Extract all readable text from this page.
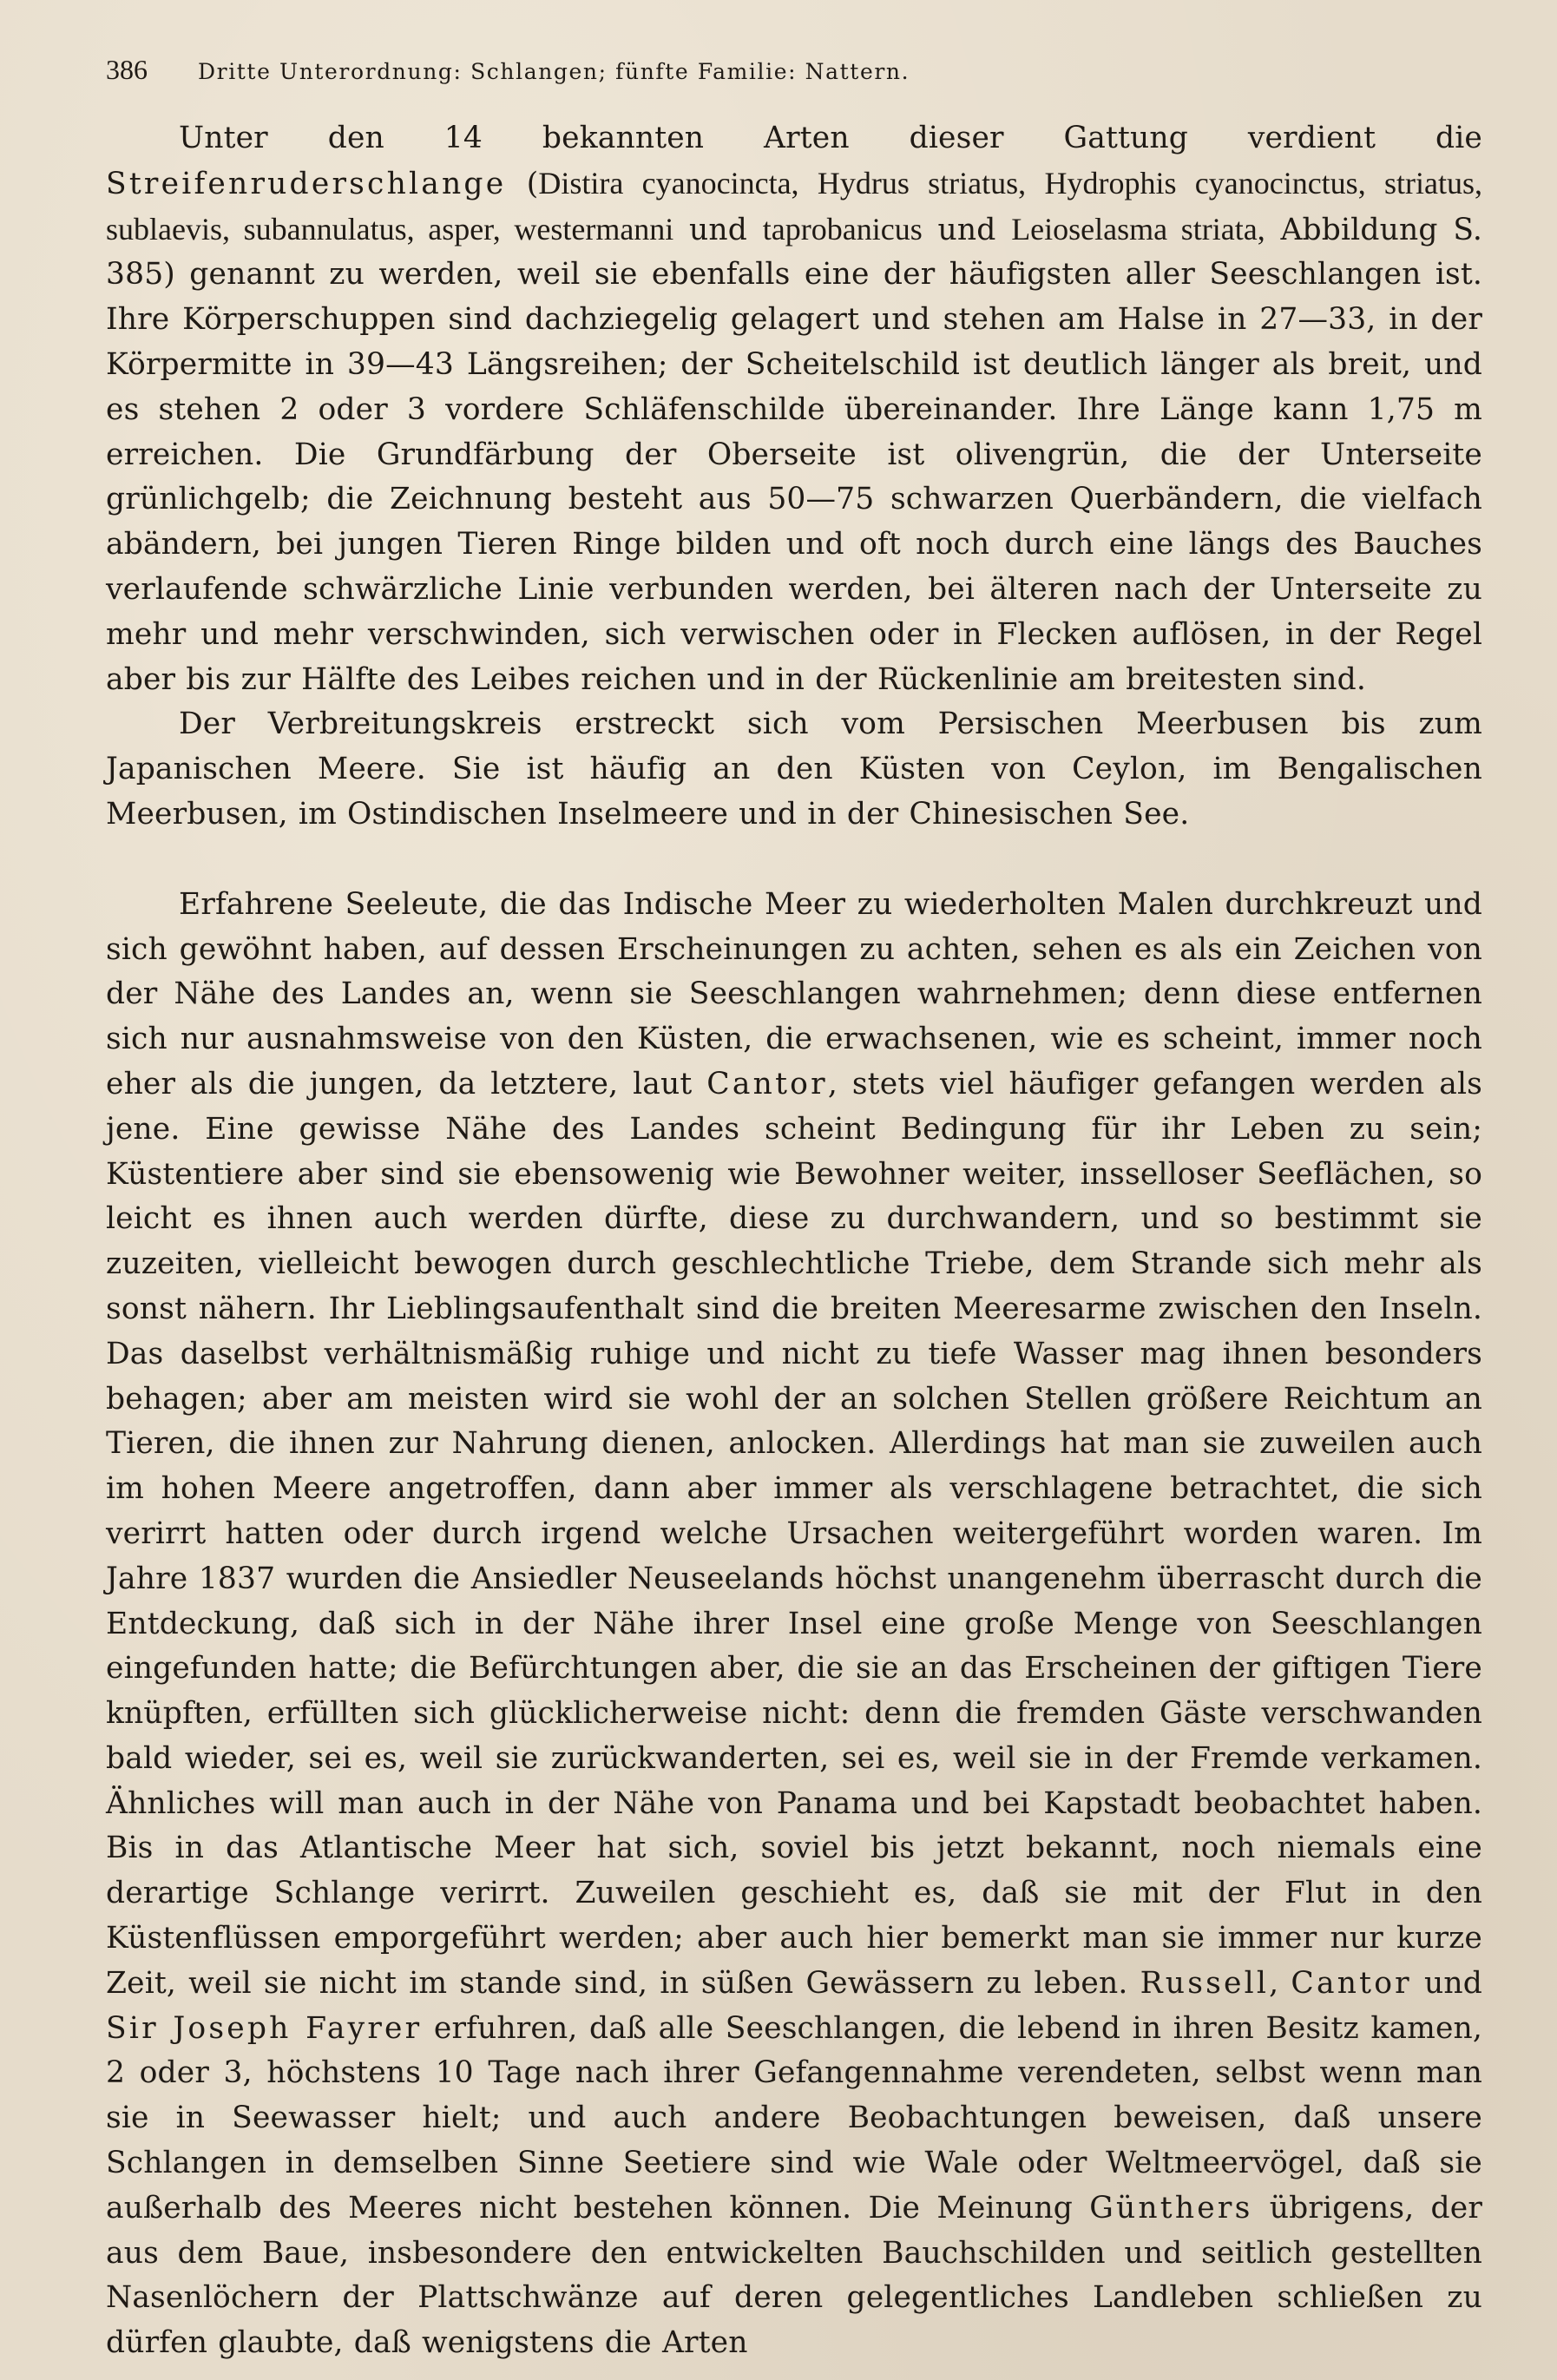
386 Dritte Unterordnung: Schlangen; fünfte Familie: Nattern.

Unter den 14 bekannten Arten dieser Gattung verdient die Streifenruderschlange (Distira cyanocincta, Hydrus striatus, Hydrophis cyanocinctus, striatus, sublaevis, subannulatus, asper, westermanni und taprobanicus und Leioselasma striata, Abbildung S. 385) genannt zu werden, weil sie ebenfalls eine der häufigsten aller Seeschlangen ist. Ihre Körperschuppen sind dachziegelig gelagert und stehen am Halse in 27—33, in der Körpermitte in 39—43 Längsreihen; der Scheitelschild ist deutlich länger als breit, und es stehen 2 oder 3 vordere Schläfenschilde übereinander. Ihre Länge kann 1,75 m erreichen. Die Grundfärbung der Oberseite ist olivengrün, die der Unterseite grünlichgelb; die Zeichnung besteht aus 50—75 schwarzen Querbändern, die vielfach abändern, bei jungen Tieren Ringe bilden und oft noch durch eine längs des Bauches verlaufende schwärzliche Linie verbunden werden, bei älteren nach der Unterseite zu mehr und mehr verschwinden, sich verwischen oder in Flecken auflösen, in der Regel aber bis zur Hälfte des Leibes reichen und in der Rückenlinie am breitesten sind.

Der Verbreitungskreis erstreckt sich vom Persischen Meerbusen bis zum Japanischen Meere. Sie ist häufig an den Küsten von Ceylon, im Bengalischen Meerbusen, im Ostindischen Inselmeere und in der Chinesischen See.

Erfahrene Seeleute, die das Indische Meer zu wiederholten Malen durchkreuzt und sich gewöhnt haben, auf dessen Erscheinungen zu achten, sehen es als ein Zeichen von der Nähe des Landes an, wenn sie Seeschlangen wahrnehmen; denn diese entfernen sich nur ausnahmsweise von den Küsten, die erwachsenen, wie es scheint, immer noch eher als die jungen, da letztere, laut Cantor, stets viel häufiger gefangen werden als jene. Eine gewisse Nähe des Landes scheint Bedingung für ihr Leben zu sein; Küstentiere aber sind sie ebensowenig wie Bewohner weiter, insselloser Seeflächen, so leicht es ihnen auch werden dürfte, diese zu durchwandern, und so bestimmt sie zuzeiten, vielleicht bewogen durch geschlechtliche Triebe, dem Strande sich mehr als sonst nähern. Ihr Lieblingsaufenthalt sind die breiten Meeresarme zwischen den Inseln. Das daselbst verhältnismäßig ruhige und nicht zu tiefe Wasser mag ihnen besonders behagen; aber am meisten wird sie wohl der an solchen Stellen größere Reichtum an Tieren, die ihnen zur Nahrung dienen, anlocken. Allerdings hat man sie zuweilen auch im hohen Meere angetroffen, dann aber immer als verschlagene betrachtet, die sich verirrt hatten oder durch irgend welche Ursachen weitergeführt worden waren. Im Jahre 1837 wurden die Ansiedler Neuseelands höchst unangenehm überrascht durch die Entdeckung, daß sich in der Nähe ihrer Insel eine große Menge von Seeschlangen eingefunden hatte; die Befürchtungen aber, die sie an das Erscheinen der giftigen Tiere knüpften, erfüllten sich glücklicherweise nicht: denn die fremden Gäste verschwanden bald wieder, sei es, weil sie zurückwanderten, sei es, weil sie in der Fremde verkamen. Ähnliches will man auch in der Nähe von Panama und bei Kapstadt beobachtet haben. Bis in das Atlantische Meer hat sich, soviel bis jetzt bekannt, noch niemals eine derartige Schlange verirrt. Zuweilen geschieht es, daß sie mit der Flut in den Küstenflüssen emporgeführt werden; aber auch hier bemerkt man sie immer nur kurze Zeit, weil sie nicht im stande sind, in süßen Gewässern zu leben. Russell, Cantor und Sir Joseph Fayrer erfuhren, daß alle Seeschlangen, die lebend in ihren Besitz kamen, 2 oder 3, höchstens 10 Tage nach ihrer Gefangennahme verendeten, selbst wenn man sie in Seewasser hielt; und auch andere Beobachtungen beweisen, daß unsere Schlangen in demselben Sinne Seetiere sind wie Wale oder Weltmeervögel, daß sie außerhalb des Meeres nicht bestehen können. Die Meinung Günthers übrigens, der aus dem Baue, insbesondere den entwickelten Bauchschilden und seitlich gestellten Nasenlöchern der Plattschwänze auf deren gelegentliches Landleben schließen zu dürfen glaubte, daß wenigstens die Arten
